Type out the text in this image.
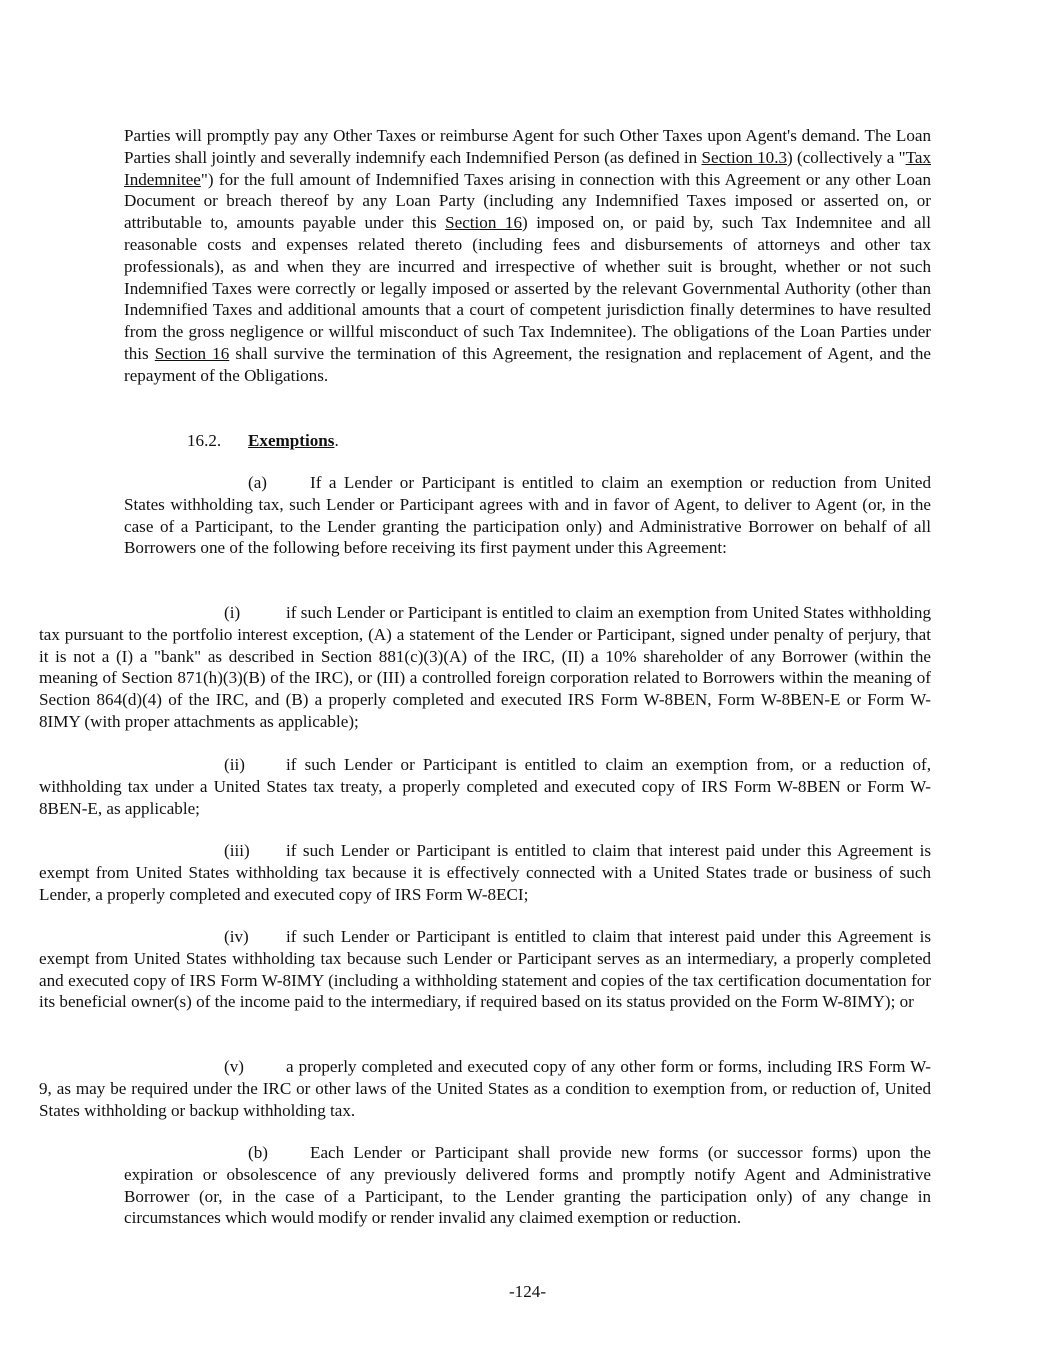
Parties will promptly pay any Other Taxes or reimburse Agent for such Other Taxes upon Agent's demand. The Loan Parties shall jointly and severally indemnify each Indemnified Person (as defined in Section 10.3) (collectively a "Tax Indemnitee") for the full amount of Indemnified Taxes arising in connection with this Agreement or any other Loan Document or breach thereof by any Loan Party (including any Indemnified Taxes imposed or asserted on, or attributable to, amounts payable under this Section 16) imposed on, or paid by, such Tax Indemnitee and all reasonable costs and expenses related thereto (including fees and disbursements of attorneys and other tax professionals), as and when they are incurred and irrespective of whether suit is brought, whether or not such Indemnified Taxes were correctly or legally imposed or asserted by the relevant Governmental Authority (other than Indemnified Taxes and additional amounts that a court of competent jurisdiction finally determines to have resulted from the gross negligence or willful misconduct of such Tax Indemnitee). The obligations of the Loan Parties under this Section 16 shall survive the termination of this Agreement, the resignation and replacement of Agent, and the repayment of the Obligations.

16.2. Exemptions.

(a)	If a Lender or Participant is entitled to claim an exemption or reduction from United States withholding tax, such Lender or Participant agrees with and in favor of Agent, to deliver to Agent (or, in the case of a Participant, to the Lender granting the participation only) and Administrative Borrower on behalf of all Borrowers one of the following before receiving its first payment under this Agreement:

(i)	if such Lender or Participant is entitled to claim an exemption from United States withholding tax pursuant to the portfolio interest exception, (A) a statement of the Lender or Participant, signed under penalty of perjury, that it is not a (I) a "bank" as described in Section 881(c)(3)(A) of the IRC, (II) a 10% shareholder of any Borrower (within the meaning of Section 871(h)(3)(B) of the IRC), or (III) a controlled foreign corporation related to Borrowers within the meaning of Section 864(d)(4) of the IRC, and (B) a properly completed and executed IRS Form W-8BEN, Form W-8BEN-E or Form W-8IMY (with proper attachments as applicable);

(ii) if such Lender or Participant is entitled to claim an exemption from, or a reduction of, withholding tax under a United States tax treaty, a properly completed and executed copy of IRS Form W-8BEN or Form W-8BEN-E, as applicable;

(iii) if such Lender or Participant is entitled to claim that interest paid under this Agreement is exempt from United States withholding tax because it is effectively connected with a United States trade or business of such Lender, a properly completed and executed copy of IRS Form W-8ECI;

(iv) if such Lender or Participant is entitled to claim that interest paid under this Agreement is exempt from United States withholding tax because such Lender or Participant serves as an intermediary, a properly completed and executed copy of IRS Form W-8IMY (including a withholding statement and copies of the tax certification documentation for its beneficial owner(s) of the income paid to the intermediary, if required based on its status provided on the Form W-8IMY); or

(v) a properly completed and executed copy of any other form or forms, including IRS Form W-9, as may be required under the IRC or other laws of the United States as a condition to exemption from, or reduction of, United States withholding or backup withholding tax.

(b) Each Lender or Participant shall provide new forms (or successor forms) upon the expiration or obsolescence of any previously delivered forms and promptly notify Agent and Administrative Borrower (or, in the case of a Participant, to the Lender granting the participation only) of any change in circumstances which would modify or render invalid any claimed exemption or reduction.

-124-
